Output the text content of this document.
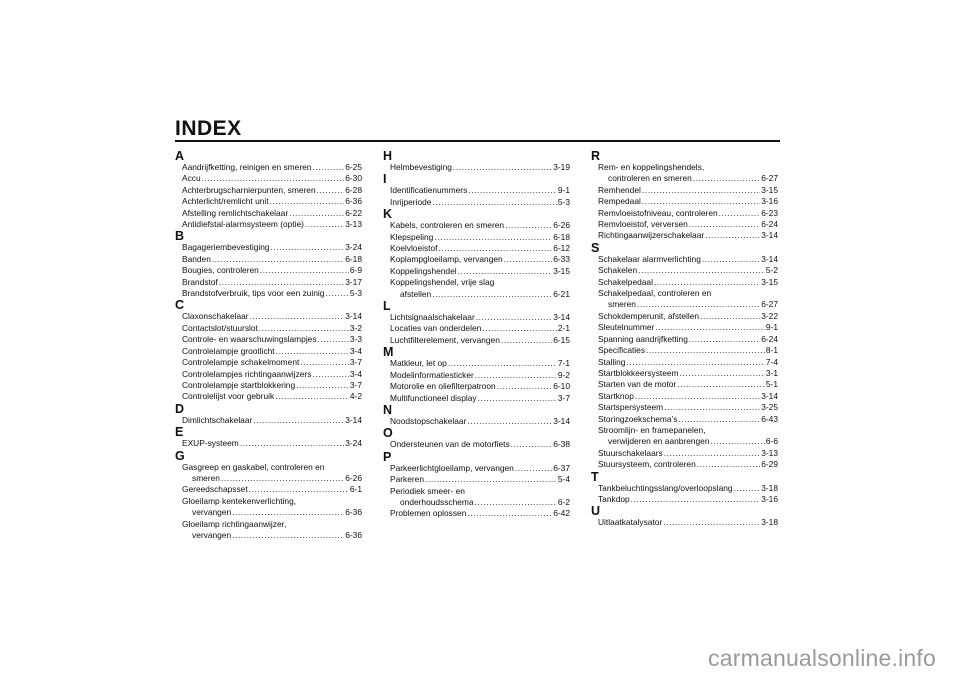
INDEX
A
Aandrijfketting, reinigen en smeren .....	6-25
Accu .....	6-30
Achterbrugscharnierpunten, smeren .....	6-28
Achterlicht/remlicht unit .....	6-36
Afstelling remlichtschakelaar .....	6-22
Antidiefstal-alarmsysteem (optie) .....	3-13
B
Bagageriembevestiging .....	3-24
Banden .....	6-18
Bougies, controleren .....	6-9
Brandstof .....	3-17
Brandstofverbruik, tips voor een zuinig .....	5-3
C
Claxonschakelaar .....	3-14
Contactslot/stuurslot .....	3-2
Controle- en waarschuwingslampjes .....	3-3
Controlelampje grootlicht .....	3-4
Controlelampje schakelmoment .....	3-7
Controlelampjes richtingaanwijzers .....	3-4
Controlelampje startblokkering .....	3-7
Controlelijst voor gebruik .....	4-2
D
Dimlichtschakelaar .....	3-14
E
EXUP-systeem .....	3-24
G
Gasgreep en gaskabel, controleren en
smeren .....	6-26
Gereedschapsset .....	6-1
Gloeilamp kentekenverlichting,
vervangen .....	6-36
Gloeilamp richtingaanwijzer,
vervangen .....	6-36
H
Helmbevestiging .....	3-19
I
Identificatienummers .....	9-1
Inrijperiode .....	5-3
K
Kabels, controleren en smeren .....	6-26
Klepspeling .....	6-18
Koelvloeistof .....	6-12
Koplampgloeilamp, vervangen .....	6-33
Koppelingshendel .....	3-15
Koppelingshendel, vrije slag
afstellen .....	6-21
L
Lichtsignaalschakelaar .....	3-14
Locaties van onderdelen .....	2-1
Luchtfilterelement, vervangen .....	6-15
M
Matkleur, let op .....	7-1
Modelinformatiesticker .....	9-2
Motorolie en oliefilterpatroon .....	6-10
Multifunctioneel display .....	3-7
N
Noodstopschakelaar .....	3-14
O
Ondersteunen van de motorfiets .....	6-38
P
Parkeerlichtgloeilamp, vervangen .....	6-37
Parkeren .....	5-4
Periodiek smeer- en
onderhoudsschema .....	6-2
Problemen oplossen .....	6-42
R
Rem- en koppelingshendels,
controleren en smeren .....	6-27
Remhendel .....	3-15
Rempedaal .....	3-16
Remvloeistofniveau, controleren .....	6-23
Remvloeistof, verversen .....	6-24
Richtingaanwijzerschakelaar .....	3-14
S
Schakelaar alarmverlichting .....	3-14
Schakelen .....	5-2
Schakelpedaal .....	3-15
Schakelpedaal, controleren en
smeren .....	6-27
Schokdemperunit, afstellen .....	3-22
Sleutelnummer .....	9-1
Spanning aandrijfketting .....	6-24
Specificaties .....	8-1
Stalling .....	7-4
Startblokkeersysteem .....	3-1
Starten van de motor .....	5-1
Startknop .....	3-14
Startspersysteem .....	3-25
Storingzoekschema’s .....	6-43
Stroomlijn- en framepanelen,
verwijderen en aanbrengen .....	6-6
Stuurschakelaars .....	3-13
Stuursysteem, controleren .....	6-29
T
Tankbeluchtingsslang/overloopslang .....	3-18
Tankdop .....	3-16
U
Uitlaatkatalysator .....	3-18
carmanualsonline.info
